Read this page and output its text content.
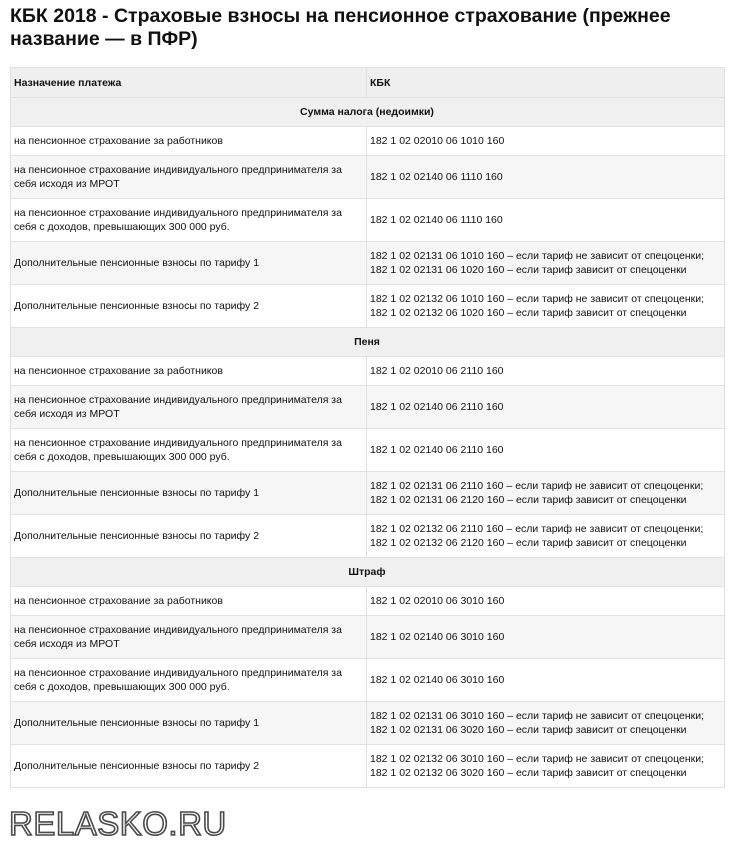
КБК 2018 - Страховые взносы на пенсионное страхование (прежнее название — в ПФР)
Назначение платежа	КБК
Сумма налога (недоимки)	
на пенсионное страхование за работников	182 1 02 02010 06 1010 160

на пенсионное страхование индивидуального предпринимателя за себя исходя из МРОТ	182 1 02 02140 06 1110 160

на пенсионное страхование индивидуального предпринимателя за себя с доходов, превышающих 300 000 руб.	182 1 02 02140 06 1110 160

Дополнительные пенсионные взносы по тарифу 1	182 1 02 02131 06 1010 160 – если тариф не зависит от спецоценки;
182 1 02 02131 06 1020 160 – если тариф зависит от спецоценки

Дополнительные пенсионные взносы по тарифу 2	182 1 02 02132 06 1010 160 – если тариф не зависит от спецоценки;
182 1 02 02132 06 1020 160 – если тариф зависит от спецоценки

Пеня	
на пенсионное страхование за работников	182 1 02 02010 06 2110 160

на пенсионное страхование индивидуального предпринимателя за себя исходя из МРОТ	182 1 02 02140 06 2110 160

на пенсионное страхование индивидуального предпринимателя за себя с доходов, превышающих 300 000 руб.	182 1 02 02140 06 2110 160

Дополнительные пенсионные взносы по тарифу 1	182 1 02 02131 06 2110 160 – если тариф не зависит от спецоценки;
182 1 02 02131 06 2120 160 – если тариф зависит от спецоценки

Дополнительные пенсионные взносы по тарифу 2	182 1 02 02132 06 2110 160 – если тариф не зависит от спецоценки;
182 1 02 02132 06 2120 160 – если тариф зависит от спецоценки

Штраф	
на пенсионное страхование за работников	182 1 02 02010 06 3010 160

на пенсионное страхование индивидуального предпринимателя за себя исходя из МРОТ	182 1 02 02140 06 3010 160

на пенсионное страхование индивидуального предпринимателя за себя с доходов, превышающих 300 000 руб.	182 1 02 02140 06 3010 160

Дополнительные пенсионные взносы по тарифу 1	182 1 02 02131 06 3010 160 – если тариф не зависит от спецоценки;
182 1 02 02131 06 3020 160 – если тариф зависит от спецоценки

Дополнительные пенсионные взносы по тарифу 2	182 1 02 02132 06 3010 160 – если тариф не зависит от спецоценки;
182 1 02 02132 06 3020 160 – если тариф зависит от спецоценки
RELASKO.RU
